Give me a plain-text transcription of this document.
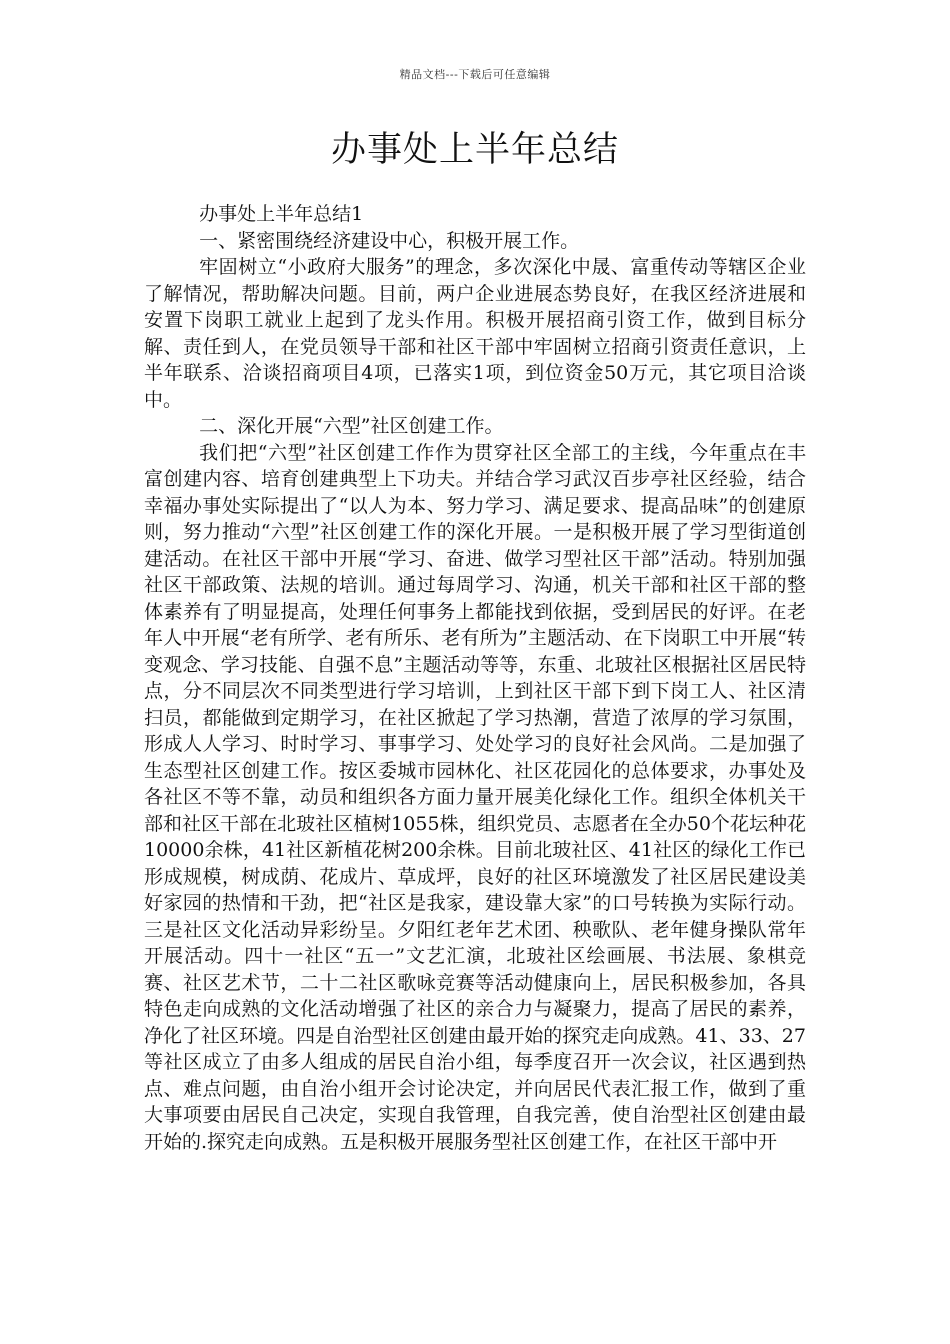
精品文档---下载后可任意编辑
办事处上半年总结

办事处上半年总结1

一、紧密围绕经济建设中心，积极开展工作。

牢固树立“小政府大服务”的理念，多次深化中晟、富重传动等辖区企业了解情况，帮助解决问题。目前，两户企业进展态势良好，在我区经济进展和安置下岗职工就业上起到了龙头作用。积极开展招商引资工作，做到目标分解、责任到人，在党员领导干部和社区干部中牢固树立招商引资责任意识，上半年联系、洽谈招商项目4项，已落实1项，到位资金50万元，其它项目洽谈中。

二、深化开展“六型”社区创建工作。

我们把“六型”社区创建工作作为贯穿社区全部工的主线，今年重点在丰富创建内容、培育创建典型上下功夫。并结合学习武汉百步亭社区经验，结合幸福办事处实际提出了“以人为本、努力学习、满足要求、提高品味”的创建原则，努力推动“六型”社区创建工作的深化开展。一是积极开展了学习型街道创建活动。在社区干部中开展“学习、奋进、做学习型社区干部”活动。特别加强社区干部政策、法规的培训。通过每周学习、沟通，机关干部和社区干部的整体素养有了明显提高，处理任何事务上都能找到依据，受到居民的好评。在老年人中开展“老有所学、老有所乐、老有所为”主题活动、在下岗职工中开展“转变观念、学习技能、自强不息”主题活动等等，东重、北玻社区根据社区居民特点，分不同层次不同类型进行学习培训，上到社区干部下到下岗工人、社区清扫员，都能做到定期学习，在社区掀起了学习热潮，营造了浓厚的学习氛围，形成人人学习、时时学习、事事学习、处处学习的良好社会风尚。二是加强了生态型社区创建工作。按区委城市园林化、社区花园化的总体要求，办事处及各社区不等不靠，动员和组织各方面力量开展美化绿化工作。组织全体机关干部和社区干部在北玻社区植树1055株，组织党员、志愿者在全办50个花坛种花10000余株，41社区新植花树200余株。目前北玻社区、41社区的绿化工作已形成规模，树成荫、花成片、草成坪，良好的社区环境激发了社区居民建设美好家园的热情和干劲，把“社区是我家，建设靠大家”的口号转换为实际行动。三是社区文化活动异彩纷呈。夕阳红老年艺术团、秧歌队、老年健身操队常年开展活动。四十一社区“五一”文艺汇演，北玻社区绘画展、书法展、象棋竞赛、社区艺术节，二十二社区歌咏竞赛等活动健康向上，居民积极参加，各具特色走向成熟的文化活动增强了社区的亲合力与凝聚力，提高了居民的素养，净化了社区环境。四是自治型社区创建由最开始的探究走向成熟。41、33、27等社区成立了由多人组成的居民自治小组，每季度召开一次会议，社区遇到热点、难点问题，由自治小组开会讨论决定，并向居民代表汇报工作，做到了重大事项要由居民自己决定，实现自我管理，自我完善，使自治型社区创建由最开始的.探究走向成熟。五是积极开展服务型社区创建工作，在社区干部中开
